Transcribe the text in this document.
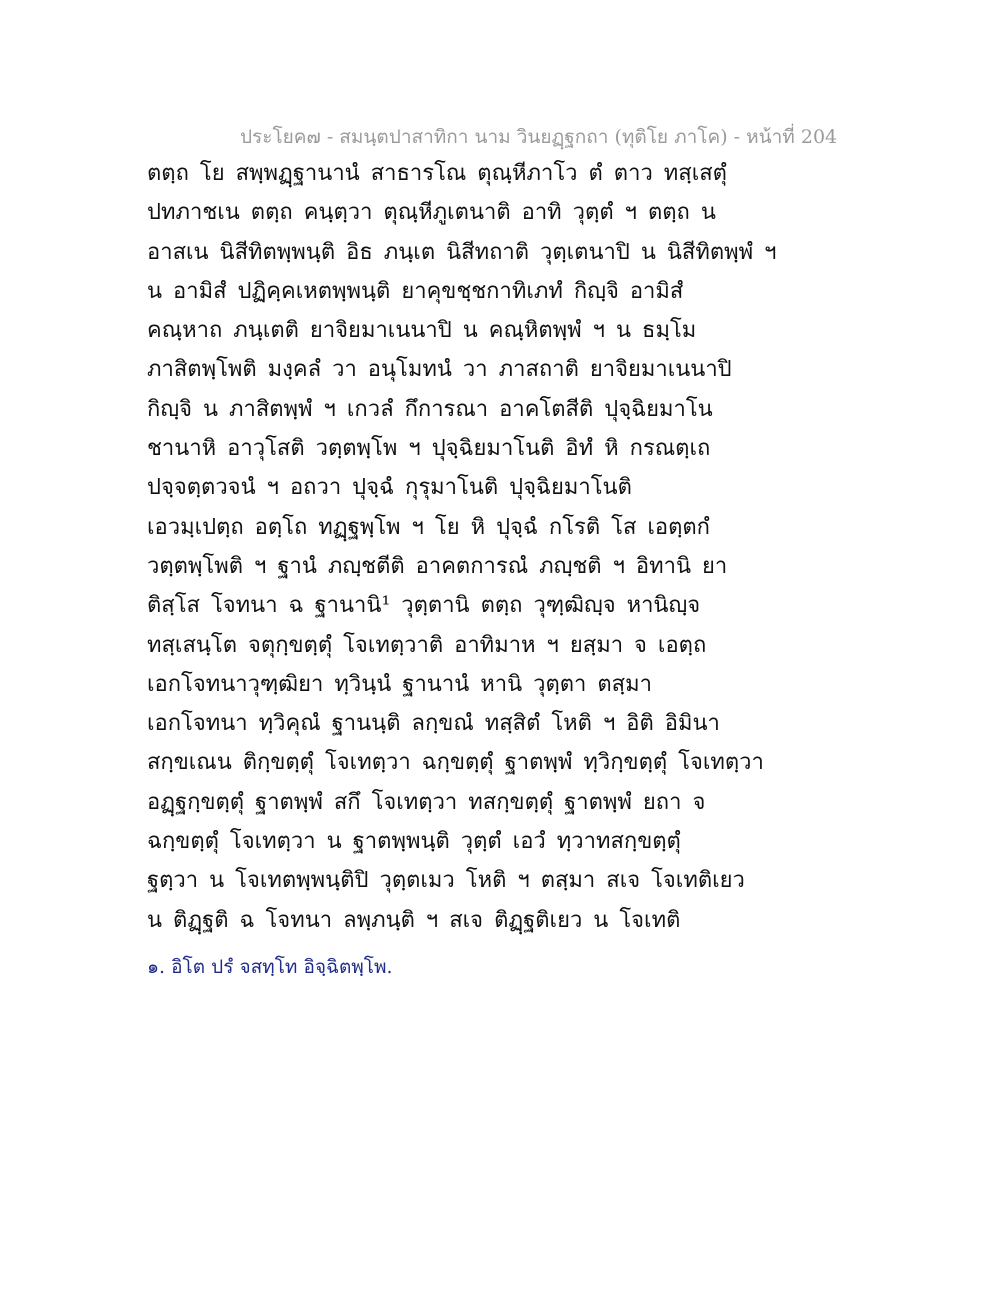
ประโยค๗ - สมนฺตปาสาทิกา นาม วินยฏฺฐกถา (ทุติโย ภาโค) - หน้าที่ 204
ตตฺถ โย สพฺพฏฺฐานานํ สาธารโณ ตุณฺหีภาโว ตํ ตาว ทสฺเสตุํ
ปทภาชเน ตตฺถ คนฺตฺวา ตุณฺหีภูเตนาติ อาทิ วุตฺตํ ฯ ตตฺถ น
อาสเน นิสีทิตพฺพนฺติ อิธ ภนฺเต นิสีทถาติ วุตฺเตนาปิ น นิสีทิตพฺพํ ฯ
น อามิสํ ปฏิคฺคเหตพฺพนฺติ ยาคุขชฺชกาทิเภทํ กิญฺจิ อามิสํ
คณฺหาถ ภนฺเตติ ยาจิยมาเนนาปิ น คณฺหิตพฺพํ ฯ น ธมฺโม
ภาสิตพฺโพติ มงฺคลํ วา อนุโมทนํ วา ภาสถาติ ยาจิยมาเนนาปิ
กิญฺจิ น ภาสิตพฺพํ ฯ เกวลํ กึการณา อาคโตสีติ ปุจฺฉิยมาโน
ชานาหิ อาวุโสติ วตฺตพฺโพ ฯ ปุจฺฉิยมาโนติ อิทํ หิ กรณตฺเถ
ปจฺจตฺตวจนํ ฯ อถวา ปุจฺฉํ กุรุมาโนติ ปุจฺฉิยมาโนติ
เอวมฺเปตฺถ อตฺโถ ทฏฺฐพฺโพ ฯ โย หิ ปุจฺฉํ กโรติ โส เอตฺตกํ
วตฺตพฺโพติ ฯ ฐานํ ภญฺชตีติ อาคตการณํ ภญฺชติ ฯ อิทานิ ยา
ติสฺโส โจทนา ฉ ฐานานิ¹ วุตฺตานิ ตตฺถ วุฑฺฒิญฺจ หานิญฺจ
ทสฺเสนฺโต จตุกฺขตฺตุํ โจเทตฺวาติ อาทิมาห ฯ ยสฺมา จ เอตฺถ
เอกโจทนาวุฑฺฒิยา ทฺวินฺนํ ฐานานํ หานิ วุตฺตา ตสฺมา
เอกโจทนา ทฺวิคุณํ ฐานนฺติ ลกฺขณํ ทสฺสิตํ โหติ ฯ อิติ อิมินา
สกฺขเณน ติกฺขตฺตุํ โจเทตฺวา ฉกฺขตฺตุํ ฐาตพฺพํ ทฺวิกฺขตฺตุํ โจเทตฺวา
อฏฺฐกฺขตฺตุํ ฐาตพฺพํ สกึ โจเทตฺวา ทสกฺขตฺตุํ ฐาตพฺพํ ยถา จ
ฉกฺขตฺตุํ โจเทตฺวา น ฐาตพฺพนฺติ วุตฺตํ เอวํ ทฺวาทสกฺขตฺตุํ
ฐตฺวา น โจเทตพฺพนฺติปิ วุตฺตเมว โหติ ฯ ตสฺมา สเจ โจเทติเยว
น ติฏฺฐติ ฉ โจทนา ลพฺภนฺติ ฯ สเจ ติฏฺฐติเยว น โจเทติ
๑. อิโต ปรํ จสทฺโท อิจฺฉิตพฺโพ.
